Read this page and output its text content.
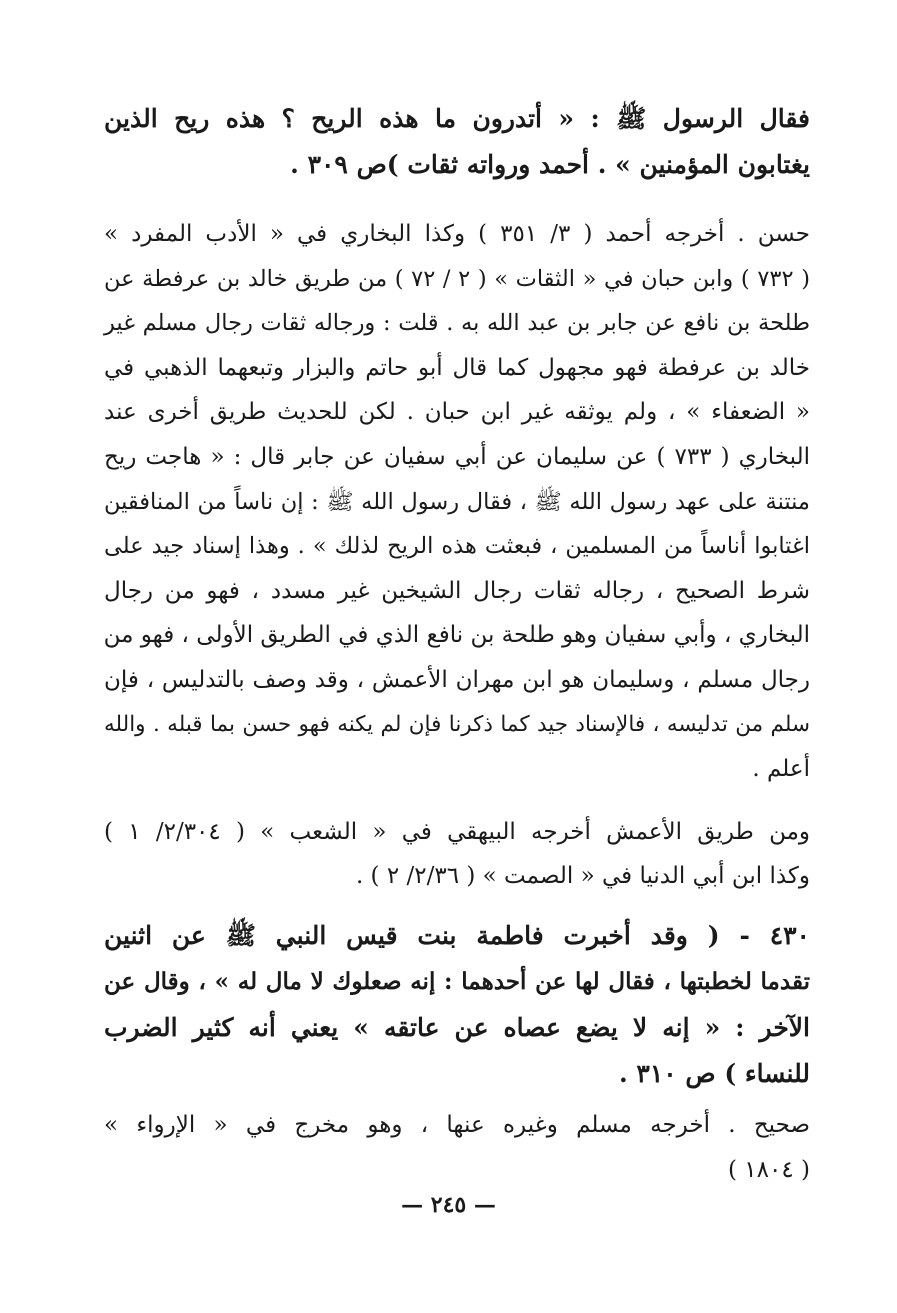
فقال الرسول ﷺ : « أتدرون ما هذه الريح ؟ هذه ريح الذين
يغتابون المؤمنين » . أحمد ورواته ثقات )ص ٣٠٩ .

حسن . أخرجه أحمد ( ٣/ ٣٥١ ) وكذا البخاري في « الأدب المفرد »
( ٧٣٢ ) وابن حبان في « الثقات » ( ٢ / ٧٢ ) من طريق خالد بن عرفطة عن
طلحة بن نافع عن جابر بن عبد الله به . قلت : ورجاله ثقات رجال مسلم غير
خالد بن عرفطة فهو مجهول كما قال أبو حاتم والبزار وتبعهما الذهبي في
« الضعفاء » ، ولم يوثقه غير ابن حبان . لكن للحديث طريق أخرى عند
البخاري ( ٧٣٣ ) عن سليمان عن أبي سفيان عن جابر قال : « هاجت ريح
منتنة على عهد رسول الله ﷺ ، فقال رسول الله ﷺ : إن ناساً من المنافقين
اغتابوا أناساً من المسلمين ، فبعثت هذه الريح لذلك » . وهذا إسناد جيد على
شرط الصحيح ، رجاله ثقات رجال الشيخين غير مسدد ، فهو من رجال
البخاري ، وأبي سفيان وهو طلحة بن نافع الذي في الطريق الأولى ، فهو من
رجال مسلم ، وسليمان هو ابن مهران الأعمش ، وقد وصف بالتدليس ، فإن
سلم من تدليسه ، فالإسناد جيد كما ذكرنا فإن لم يكنه فهو حسن بما قبله . والله
أعلم .

ومن طريق الأعمش أخرجه البيهقي في « الشعب » ( ٢/٣٠٤/ ١ )
وكذا ابن أبي الدنيا في « الصمت » ( ٢/٣٦/ ٢ ) .

٤٣٠ - ( وقد أخبرت فاطمة بنت قيس النبي ﷺ عن اثنين
تقدما لخطبتها ، فقال لها عن أحدهما : إنه صعلوك لا مال له » ، وقال عن
الآخر : « إنه لا يضع عصاه عن عاتقه » يعني أنه كثير الضرب
للنساء ) ص ٣١٠ .

صحيح . أخرجه مسلم وغيره عنها ، وهو مخرج في « الإرواء »
( ١٨٠٤ )

— ٢٤٥ —
